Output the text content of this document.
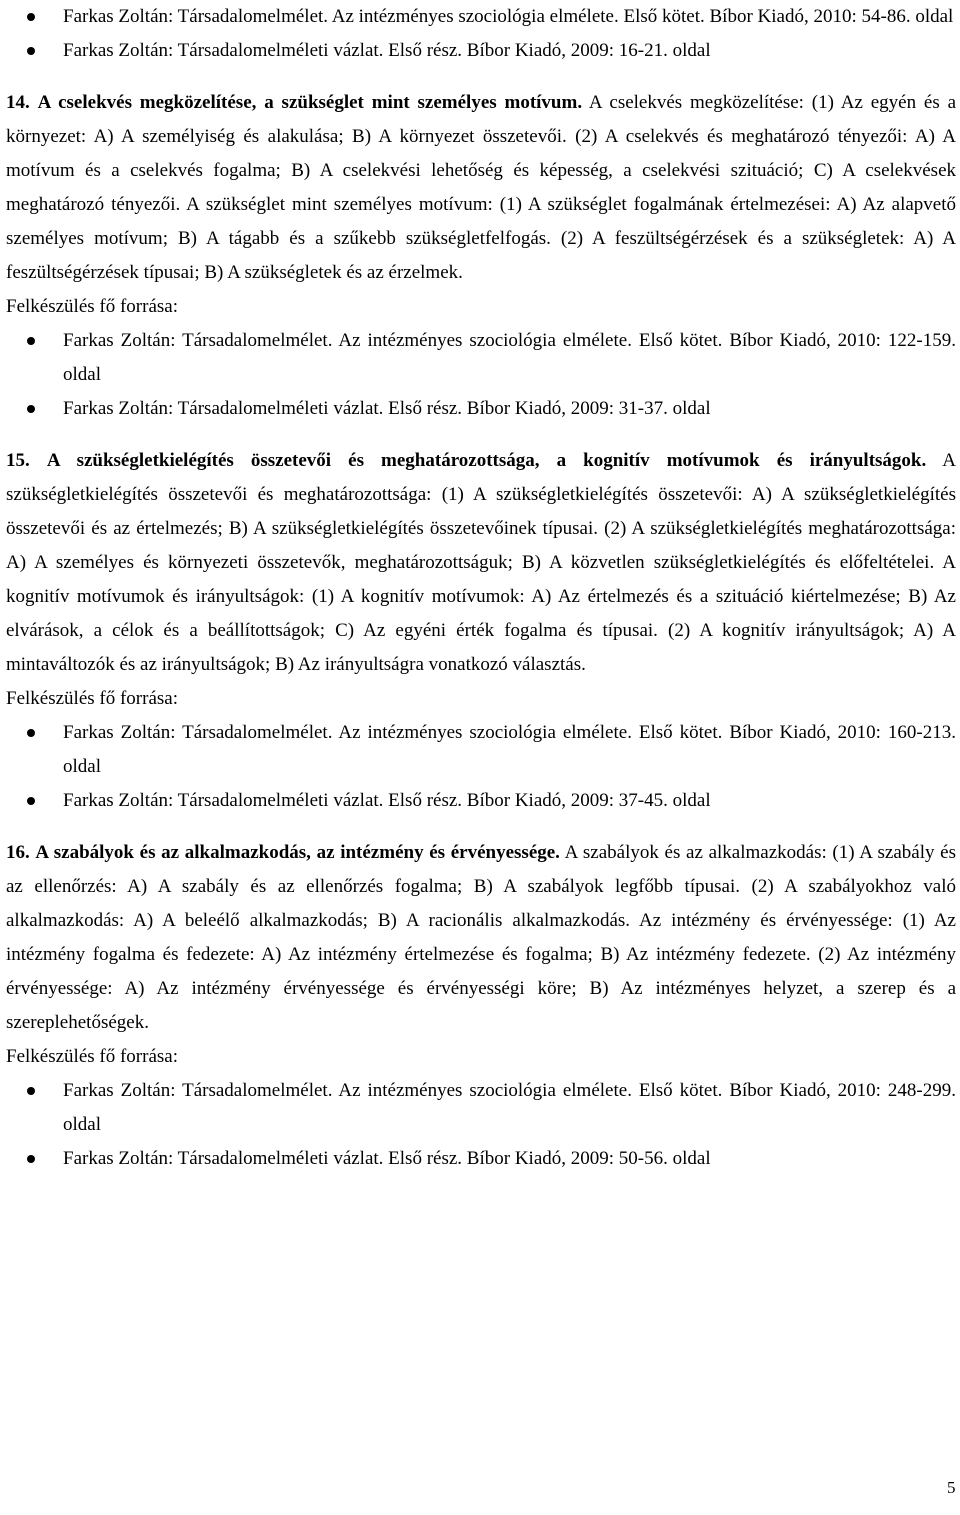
Farkas Zoltán: Társadalomelmélet. Az intézményes szociológia elmélete. Első kötet. Bíbor Kiadó, 2010: 54-86. oldal
Farkas Zoltán: Társadalomelméleti vázlat. Első rész. Bíbor Kiadó, 2009: 16-21. oldal

14. A cselekvés megközelítése, a szükséglet mint személyes motívum. A cselekvés megközelítése: (1) Az egyén és a környezet: A) A személyiség és alakulása; B) A környezet összetevői. (2) A cselekvés és meghatározó tényezői: A) A motívum és a cselekvés fogalma; B) A cselekvési lehetőség és képesség, a cselekvési szituáció; C) A cselekvések meghatározó tényezői. A szükséglet mint személyes motívum: (1) A szükséglet fogalmának értelmezései: A) Az alapvető személyes motívum; B) A tágabb és a szűkebb szükségletfelfogás. (2) A feszültségérzések és a szükségletek: A) A feszültségérzések típusai; B) A szükségletek és az érzelmek.

Felkészülés fő forrása:
Farkas Zoltán: Társadalomelmélet. Az intézményes szociológia elmélete. Első kötet. Bíbor Kiadó, 2010: 122-159. oldal
Farkas Zoltán: Társadalomelméleti vázlat. Első rész. Bíbor Kiadó, 2009: 31-37. oldal

15. A szükségletkielégítés összetevői és meghatározottsága, a kognitív motívumok és irányultságok. A szükségletkielégítés összetevői és meghatározottsága: (1) A szükségletkielégítés összetevői: A) A szükségletkielégítés összetevői és az értelmezés; B) A szükségletkielégítés összetevőinek típusai. (2) A szükségletkielégítés meghatározottsága: A) A személyes és környezeti összetevők, meghatározottságuk; B) A közvetlen szükségletkielégítés és előfeltételei. A kognitív motívumok és irányultságok: (1) A kognitív motívumok: A) Az értelmezés és a szituáció kiértelmezése; B) Az elvárások, a célok és a beállítottságok; C) Az egyéni érték fogalma és típusai. (2) A kognitív irányultságok; A) A mintaváltozók és az irányultságok; B) Az irányultságra vonatkozó választás.

Felkészülés fő forrása:
Farkas Zoltán: Társadalomelmélet. Az intézményes szociológia elmélete. Első kötet. Bíbor Kiadó, 2010: 160-213. oldal
Farkas Zoltán: Társadalomelméleti vázlat. Első rész. Bíbor Kiadó, 2009: 37-45. oldal

16. A szabályok és az alkalmazkodás, az intézmény és érvényessége. A szabályok és az alkalmazkodás: (1) A szabály és az ellenőrzés: A) A szabály és az ellenőrzés fogalma; B) A szabályok legfőbb típusai. (2) A szabályokhoz való alkalmazkodás: A) A beleélő alkalmazkodás; B) A racionális alkalmazkodás. Az intézmény és érvényessége: (1) Az intézmény fogalma és fedezete: A) Az intézmény értelmezése és fogalma; B) Az intézmény fedezete. (2) Az intézmény érvényessége: A) Az intézmény érvényessége és érvényességi köre; B) Az intézményes helyzet, a szerep és a szereplehetőségek.

Felkészülés fő forrása:
Farkas Zoltán: Társadalomelmélet. Az intézményes szociológia elmélete. Első kötet. Bíbor Kiadó, 2010: 248-299. oldal
Farkas Zoltán: Társadalomelméleti vázlat. Első rész. Bíbor Kiadó, 2009: 50-56. oldal
5
